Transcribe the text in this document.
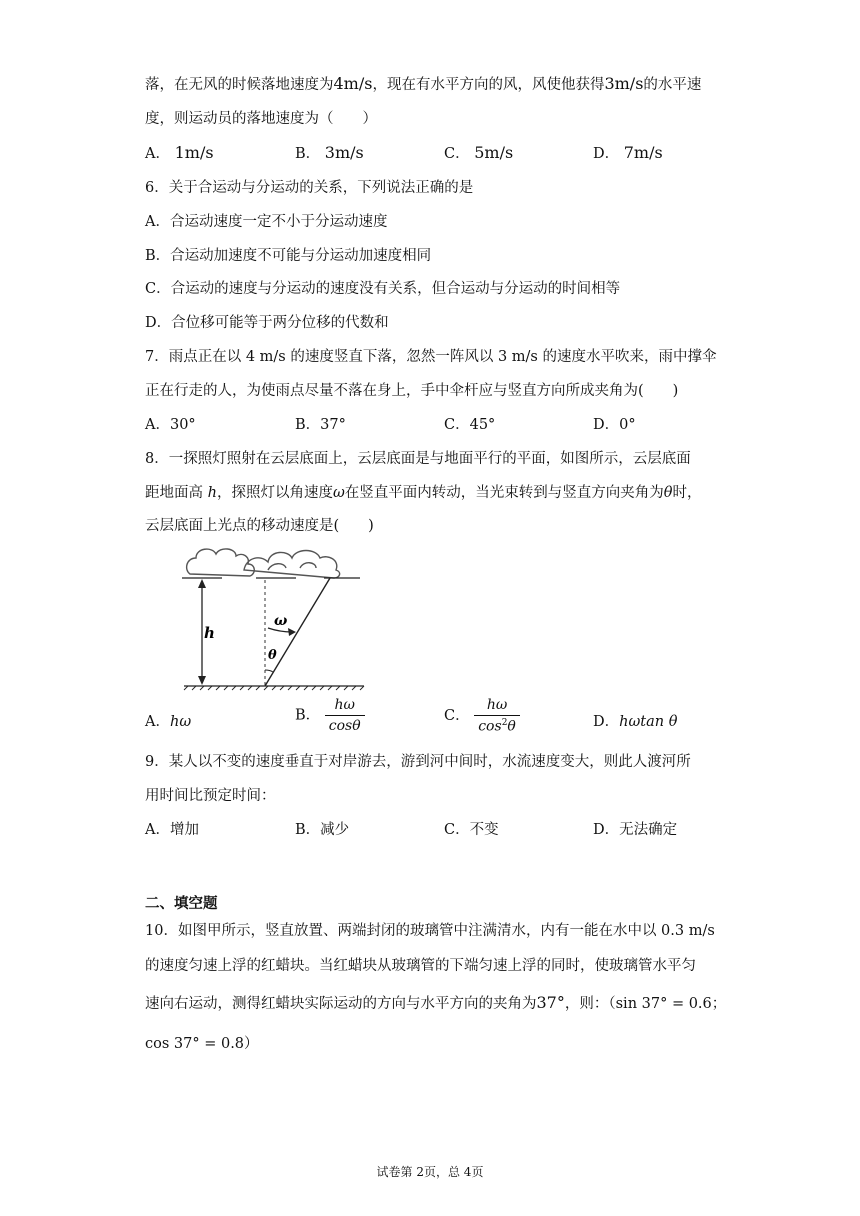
落，在无风的时候落地速度为4m/s，现在有水平方向的风，风使他获得3m/s的水平速
度，则运动员的落地速度为（　　）
A． 1m/s	B． 3m/s	C． 5m/s	D． 7m/s
6．关于合运动与分运动的关系，下列说法正确的是
A．合运动速度一定不小于分运动速度
B．合运动加速度不可能与分运动加速度相同
C．合运动的速度与分运动的速度没有关系，但合运动与分运动的时间相等
D．合位移可能等于两分位移的代数和
7．雨点正在以 4 m/s 的速度竖直下落，忽然一阵风以 3 m/s 的速度水平吹来，雨中撑伞
正在行走的人，为使雨点尽量不落在身上，手中伞杆应与竖直方向所成夹角为(　　)
A．30°	B．37°	C．45°	D．0°
8．一探照灯照射在云层底面上，云层底面是与地面平行的平面，如图所示，云层底面
距地面高 h，探照灯以角速度ω在竖直平面内转动，当光束转到与竖直方向夹角为θ时，
云层底面上光点的移动速度是(　　)
h
ω
θ
A．hω	B． $\frac{h\omega}{\cos\theta}$	C． $\frac{h\omega}{\cos^2\theta}$	D．hωtan θ
9．某人以不变的速度垂直于对岸游去，游到河中间时，水流速度变大，则此人渡河所
用时间比预定时间：
A．增加	B．减少	C．不变	D．无法确定
二、填空题
10．如图甲所示，竖直放置、两端封闭的玻璃管中注满清水，内有一能在水中以 0.3 m/s
的速度匀速上浮的红蜡块。当红蜡块从玻璃管的下端匀速上浮的同时，使玻璃管水平匀
速向右运动，测得红蜡块实际运动的方向与水平方向的夹角为37°，则：（sin 37° = 0.6；
cos 37° = 0.8）
试卷第 2页，总 4页
